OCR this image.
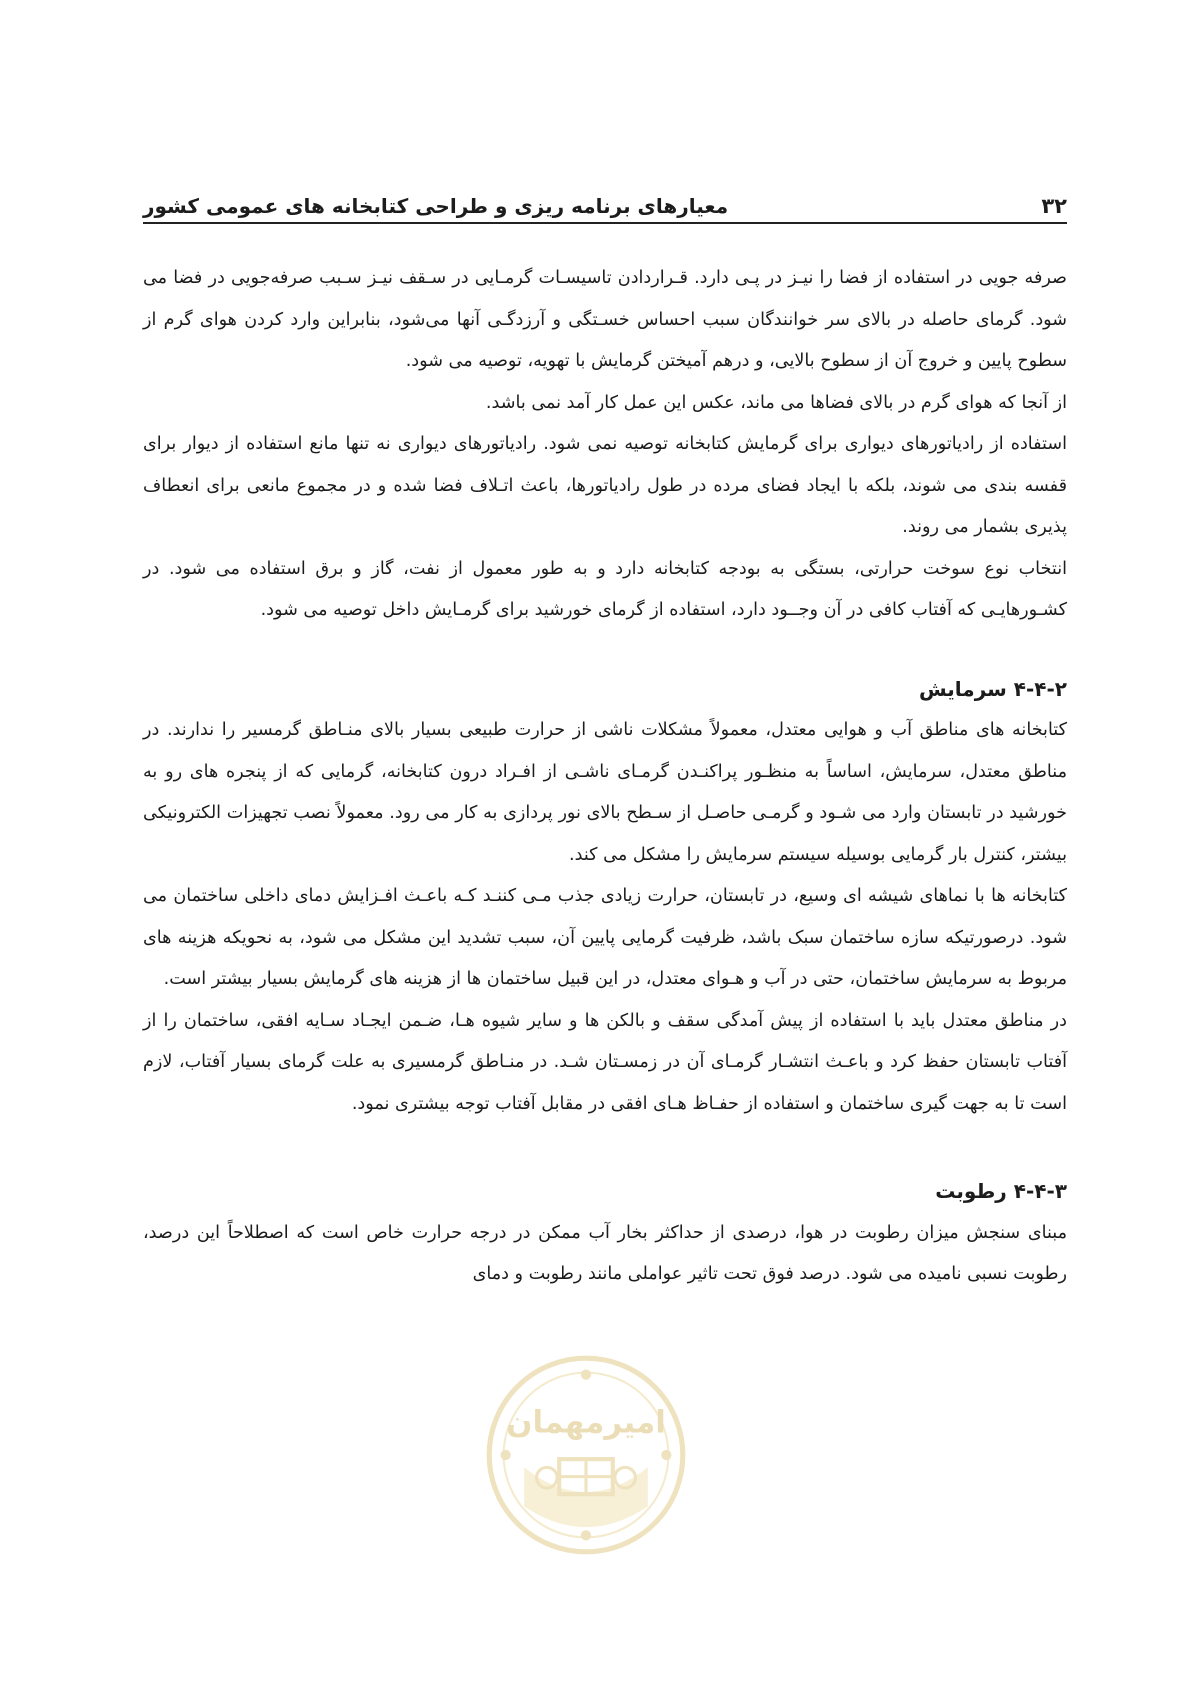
۳۲
معیارهای برنامه ریزی و طراحی کتابخانه های عمومی کشور

صرفه جویی در استفاده از فضا را نیـز در پـی دارد. قـراردادن تاسیسـات گرمـایی در سـقف نیـز سـبب صرفه‌جویی در فضا می شود. گرمای حاصله در بالای سر خوانندگان سبب احساس خسـتگی و آرزدگـی آنها می‌شود، بنابراین وارد کردن هوای گرم از سطوح پایین و خروج آن از سطوح بالایی، و درهم آمیختن گرمایش با تهویه، توصیه می شود.

از آنجا که هوای گرم در بالای فضاها می ماند، عکس این عمل کار آمد نمی باشد.

استفاده از رادیاتورهای دیواری برای گرمایش کتابخانه توصیه نمی شود. رادیاتورهای دیواری نه تنها مانع استفاده از دیوار برای قفسه بندی می شوند، بلکه با ایجاد فضای مرده در طول رادیاتورها، باعث اتـلاف فضا شده و در مجموع مانعی برای انعطاف پذیری بشمار می روند.

انتخاب نوع سوخت حرارتی، بستگی به بودجه کتابخانه دارد و به طور معمول از نفت، گاز و برق استفاده می شود. در کشـورهایـی که آفتاب کافی در آن وجــود دارد، استفاده از گرمای خورشید برای گرمـایش داخل توصیه می شود.

۴-۴-۲ سرمایش

کتابخانه های مناطق آب و هوایی معتدل، معمولاً مشکلات ناشی از حرارت طبیعی بسیار بالای منـاطق گرمسیر را ندارند. در مناطق معتدل، سرمایش، اساساً به منظـور پراکنـدن گرمـای ناشـی از افـراد درون کتابخانه، گرمایی که از پنجره های رو به خورشید در تابستان وارد می شـود و گرمـی حاصـل از سـطح بالای نور پردازی به کار می رود. معمولاً نصب تجهیزات الکترونیکی بیشتر، کنترل بار گرمایی بوسیله سیستم سرمایش را مشکل می کند.

کتابخانه ها با نماهای شیشه ای وسیع، در تابستان، حرارت زیادی جذب مـی کننـد کـه باعـث افـزایش دمای داخلی ساختمان می شود. درصورتیکه سازه ساختمان سبک باشد، ظرفیت گرمایی پایین آن، سبب تشدید این مشکل می شود، به نحویکه هزینه های مربوط به سرمایش ساختمان، حتی در آب و هـوای معتدل، در این قبیل ساختمان ها از هزینه های گرمایش بسیار بیشتر است.

در مناطق معتدل باید با استفاده از پیش آمدگی سقف و بالکن ها و سایر شیوه هـا، ضـمن ایجـاد سـایه افقی، ساختمان را از آفتاب تابستان حفظ کرد و باعـث انتشـار گرمـای آن در زمسـتان شـد. در منـاطق گرمسیری به علت گرمای بسیار آفتاب، لازم است تا به جهت گیری ساختمان و استفاده از حفـاظ هـای افقی در مقابل آفتاب توجه بیشتری نمود.

۴-۴-۳ رطوبت

مبنای سنجش میزان رطوبت در هوا، درصدی از حداکثر بخار آب ممکن در درجه حرارت خاص است که اصطلاحاً این درصد، رطوبت نسبی نامیده می شود. درصد فوق تحت تاثیر عواملی مانند رطوبت و دمای

امیرمهمان
